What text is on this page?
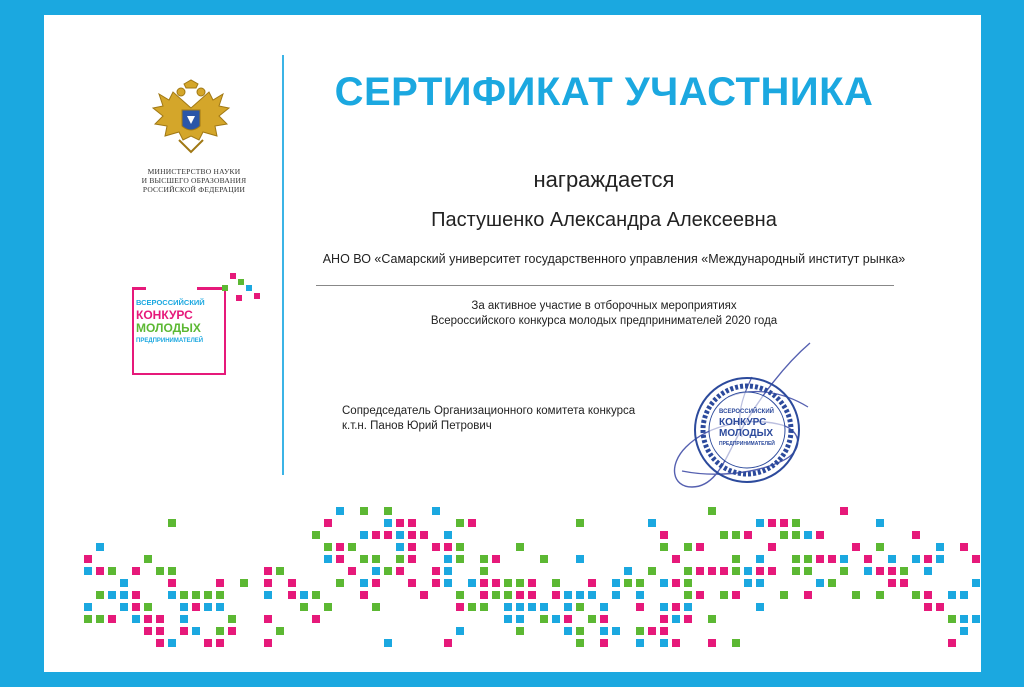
МИНИСТЕРСТВО НАУКИ
И ВЫСШЕГО ОБРАЗОВАНИЯ
РОССИЙСКОЙ ФЕДЕРАЦИИ
ВСЕРОССИЙСКИЙ
КОНКУРС
МОЛОДЫХ
ПРЕДПРИНИМАТЕЛЕЙ
СЕРТИФИКАТ УЧАСТНИКА
награждается
Пастушенко Александра Алексеевна
АНО ВО «Самарский университет государственного управления «Международный институт рынка»
За активное участие в отборочных мероприятиях
Всероссийского конкурса молодых предпринимателей 2020 года
Сопредседатель Организационного комитета конкурса
к.т.н. Панов Юрий Петрович
ВСЕРОССИЙСКИЙ
КОНКУРС
МОЛОДЫХ
ПРЕДПРИНИМАТЕЛЕЙ
